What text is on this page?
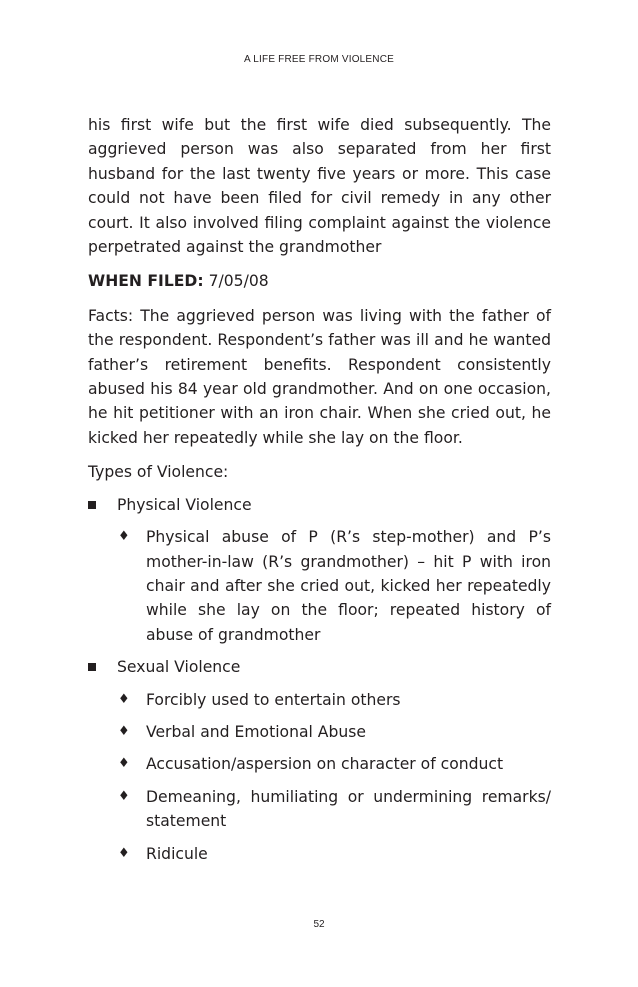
A LIFE FREE FROM VIOLENCE

his first wife but the first wife died subsequently. The aggrieved person was also separated from her first husband for the last twenty five years or more. This case could not have been filed for civil remedy in any other court. It also involved filing complaint against the violence perpetrated against the grandmother

WHEN FILED: 7/05/08

Facts: The aggrieved person was living with the father of the respondent. Respondent’s father was ill and he wanted father’s retirement benefits. Respondent consistently abused his 84 year old grandmother. And on one occasion, he hit petitioner with an iron chair. When she cried out, he kicked her repeatedly while she lay on the floor.

Types of Violence:

Physical Violence
♦ Physical abuse of P (R’s step-mother) and P’s mother-in-law (R’s grandmother) – hit P with iron chair and after she cried out, kicked her repeatedly while she lay on the floor; repeated history of abuse of grandmother
Sexual Violence
♦ Forcibly used to entertain others
♦ Verbal and Emotional Abuse
♦ Accusation/aspersion on character of conduct
♦ Demeaning, humiliating or undermining remarks/ statement
♦ Ridicule
52
